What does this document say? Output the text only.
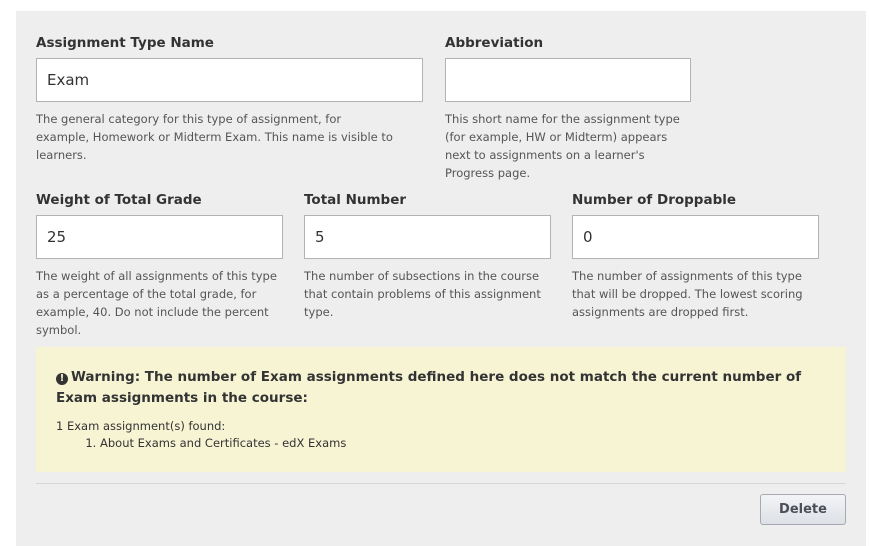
Assignment Type Name
Exam
The general category for this type of assignment, for example, Homework or Midterm Exam. This name is visible to learners.
Abbreviation
This short name for the assignment type (for example, HW or Midterm) appears next to assignments on a learner's Progress page.
Weight of Total Grade
25
The weight of all assignments of this type as a percentage of the total grade, for example, 40. Do not include the percent symbol.
Total Number
5
The number of subsections in the course that contain problems of this assignment type.
Number of Droppable
0
The number of assignments of this type that will be dropped. The lowest scoring assignments are dropped first.
! Warning: The number of Exam assignments defined here does not match the current number of Exam assignments in the course:
1 Exam assignment(s) found:
1. About Exams and Certificates - edX Exams
Delete
